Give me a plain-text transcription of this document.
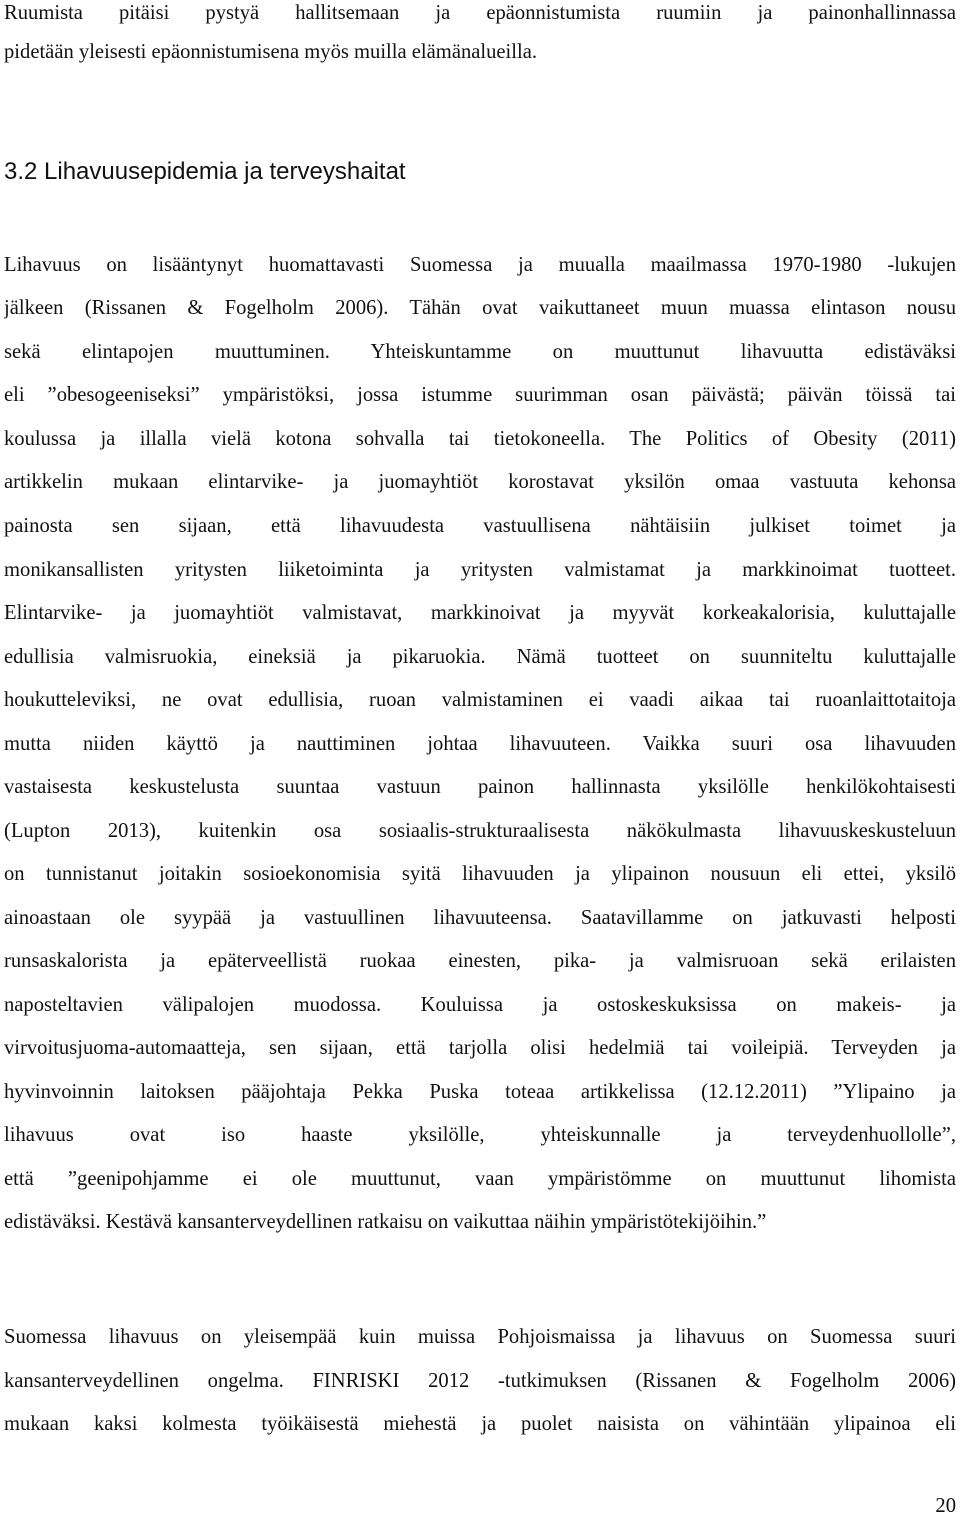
Ruumista pitäisi pystyä hallitsemaan ja epäonnistumista ruumiin ja painonhallinnassa
pidetään yleisesti epäonnistumisena myös muilla elämänalueilla.
3.2 Lihavuusepidemia ja terveyshaitat
Lihavuus on lisääntynyt huomattavasti Suomessa ja muualla maailmassa 1970-1980 -lukujen
jälkeen (Rissanen & Fogelholm 2006). Tähän ovat vaikuttaneet muun muassa elintason nousu
sekä elintapojen muuttuminen. Yhteiskuntamme on muuttunut lihavuutta edistäväksi
eli ”obesogeeniseksi” ympäristöksi, jossa istumme suurimman osan päivästä; päivän töissä tai
koulussa ja illalla vielä kotona sohvalla tai tietokoneella. The Politics of Obesity (2011)
artikkelin mukaan elintarvike- ja juomayhtiöt korostavat yksilön omaa vastuuta kehonsa
painosta sen sijaan, että lihavuudesta vastuullisena nähtäisiin julkiset toimet ja
monikansallisten yritysten liiketoiminta ja yritysten valmistamat ja markkinoimat tuotteet.
Elintarvike- ja juomayhtiöt valmistavat, markkinoivat ja myyvät korkeakalorisia, kuluttajalle
edullisia valmisruokia, eineksiä ja pikaruokia. Nämä tuotteet on suunniteltu kuluttajalle
houkutteleviksi, ne ovat edullisia, ruoan valmistaminen ei vaadi aikaa tai ruoanlaittotaitoja
mutta niiden käyttö ja nauttiminen johtaa lihavuuteen. Vaikka suuri osa lihavuuden
vastaisesta keskustelusta suuntaa vastuun painon hallinnasta yksilölle henkilökohtaisesti
(Lupton 2013), kuitenkin osa sosiaalis-strukturaalisesta näkökulmasta lihavuuskeskusteluun
on tunnistanut joitakin sosioekonomisia syitä lihavuuden ja ylipainon nousuun eli ettei, yksilö
ainoastaan ole syypää ja vastuullinen lihavuuteensa. Saatavillamme on jatkuvasti helposti
runsaskalorista ja epäterveellistä ruokaa einesten, pika- ja valmisruoan sekä erilaisten
naposteltavien välipalojen muodossa. Kouluissa ja ostoskeskuksissa on makeis- ja
virvoitusjuoma-automaatteja, sen sijaan, että tarjolla olisi hedelmiä tai voileipiä. Terveyden ja
hyvinvoinnin laitoksen pääjohtaja Pekka Puska toteaa artikkelissa (12.12.2011) ”Ylipaino ja
lihavuus ovat iso haaste yksilölle, yhteiskunnalle ja terveydenhuollolle”,
että ”geenipohjamme ei ole muuttunut, vaan ympäristömme on muuttunut lihomista
edistäväksi. Kestävä kansanterveydellinen ratkaisu on vaikuttaa näihin ympäristötekijöihin.”
Suomessa lihavuus on yleisempää kuin muissa Pohjoismaissa ja lihavuus on Suomessa suuri
kansanterveydellinen ongelma. FINRISKI 2012 -tutkimuksen (Rissanen & Fogelholm 2006)
mukaan kaksi kolmesta työikäisestä miehestä ja puolet naisista on vähintään ylipainoa eli
20
